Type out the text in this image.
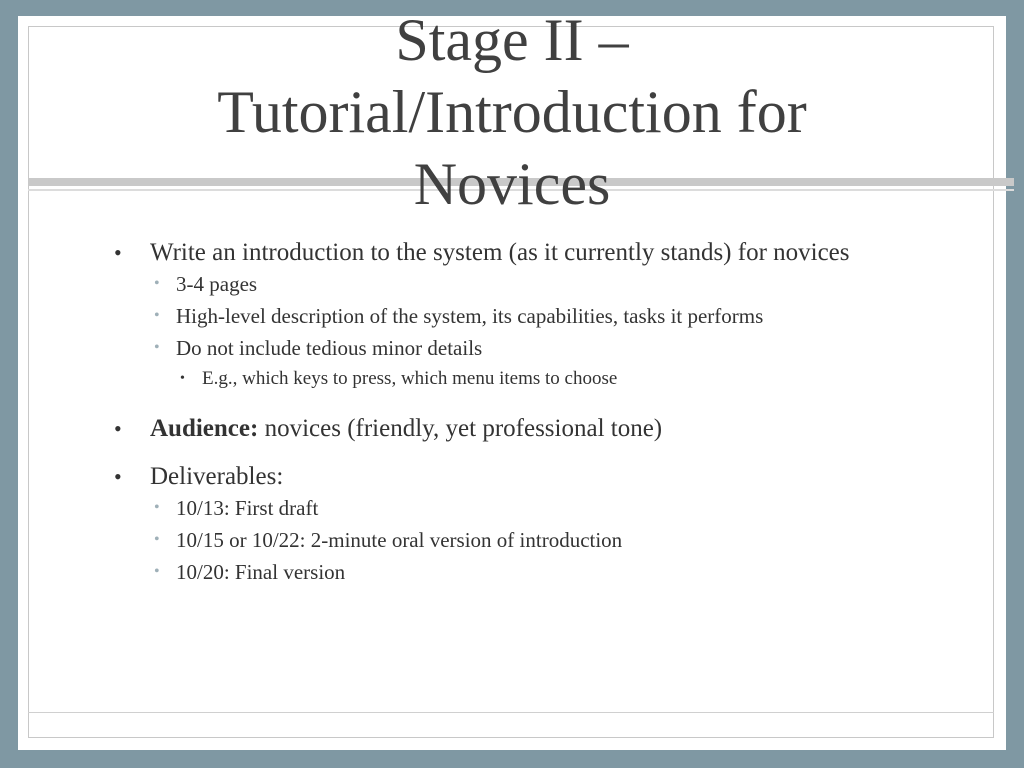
Stage II –
Tutorial/Introduction for
Novices
• Write an introduction to the system (as it currently stands) for novices
• 3-4 pages
• High-level description of the system, its capabilities, tasks it performs
• Do not include tedious minor details
• E.g., which keys to press, which menu items to choose
• Audience: novices (friendly, yet professional tone)
• Deliverables:
• 10/13: First draft
• 10/15 or 10/22: 2-minute oral version of introduction
• 10/20: Final version
